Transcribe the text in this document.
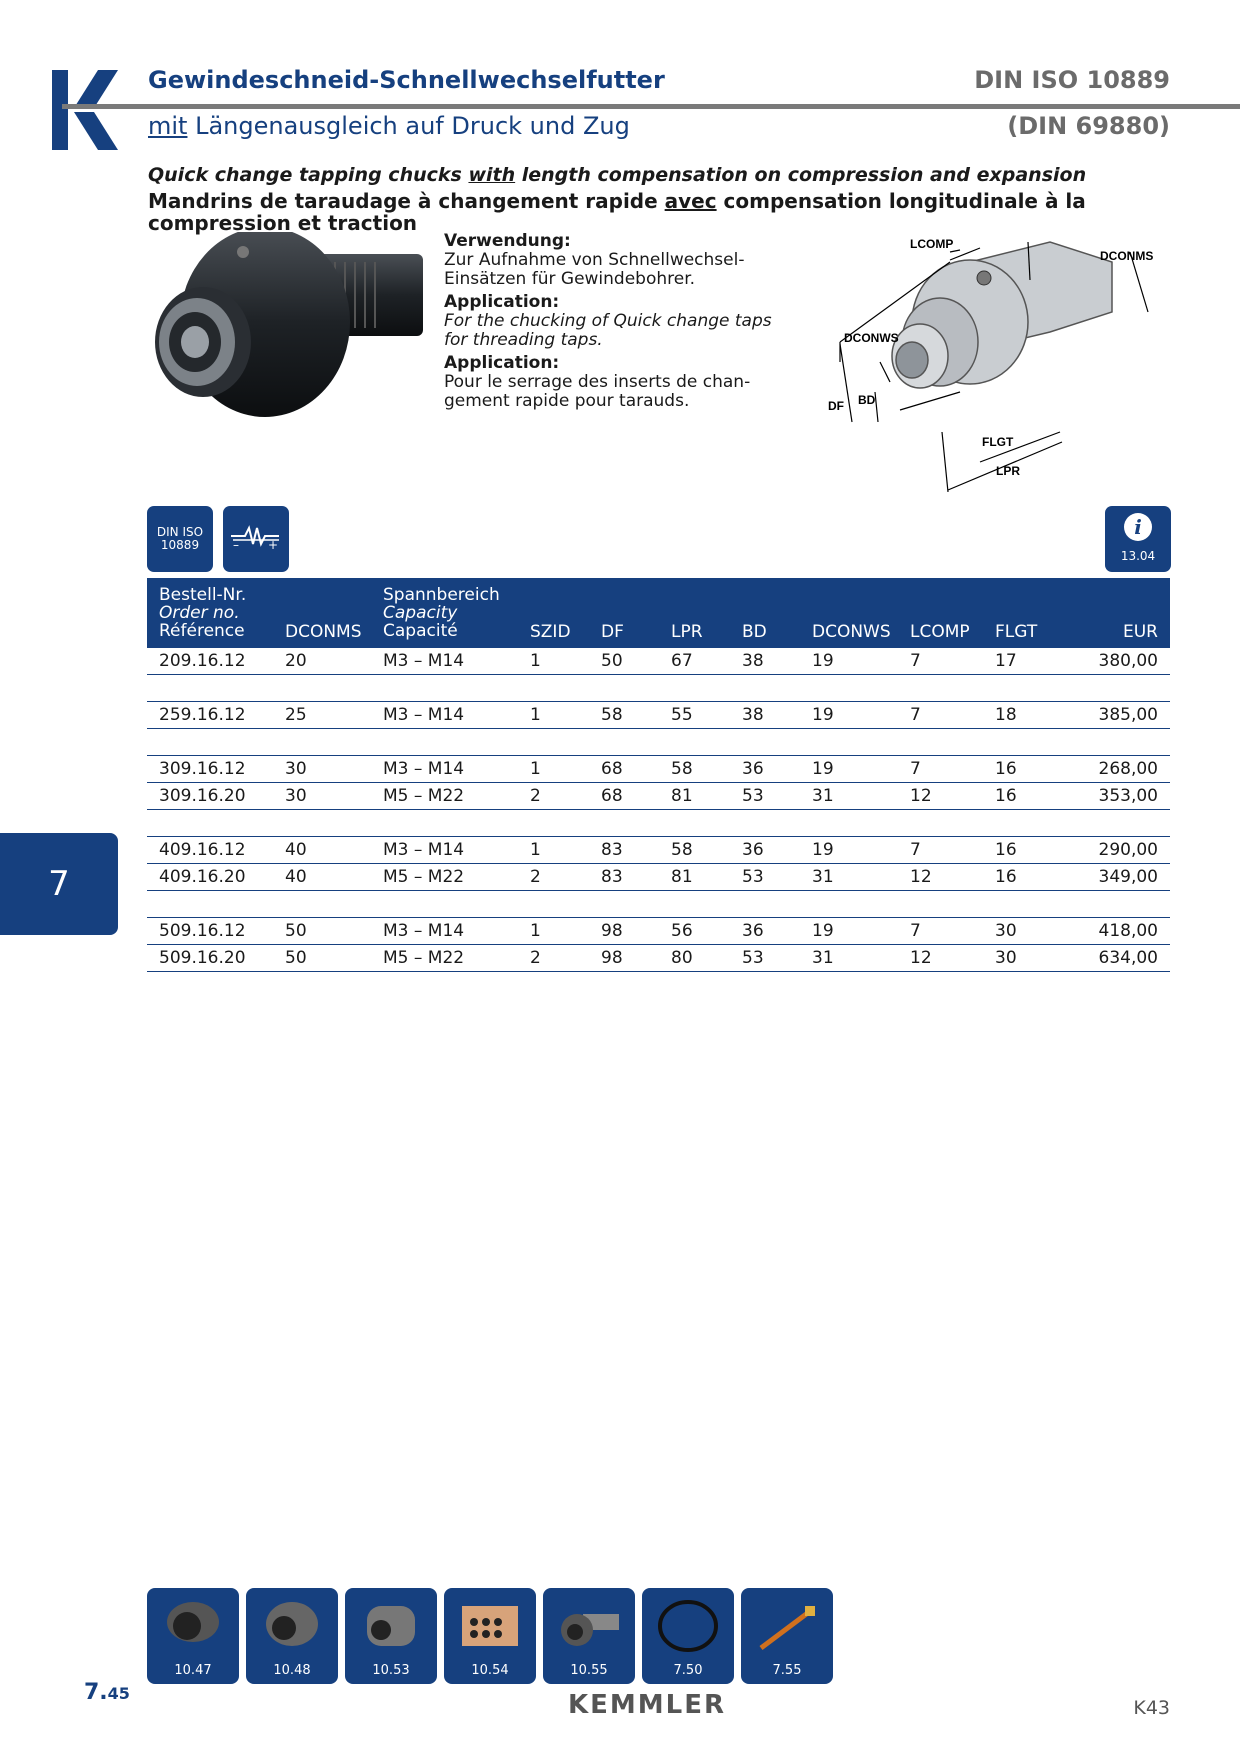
Gewindeschneid-Schnellwechselfutter
mit Längenausgleich auf Druck und Zug
DIN ISO 10889
(DIN 69880)
Quick change tapping chucks with length compensation on compression and expansion
Mandrins de taraudage à changement rapide avec compensation longitudinale à la compression et traction

Verwendung:
Zur Aufnahme von Schnellwechsel-Einsätzen für Gewindebohrer.

Application:
For the chucking of Quick change taps for threading taps.

Application:
Pour le serrage des inserts de chan-gement rapide pour tarauds.

LCOMP
DCONMS
DCONWS
DF BD
FLGT
LPR
DIN ISO
10889	– +
i
13.04
Bestell-Nr.
Order no.
Référence DCONMS
Spannbereich
Capacity
Capacité	SZID DF	LPR BD	DCONWS LCOMP FLGT	EUR
209.16.12 20	M3 – M14	1	50	67	38	19	7	17	380,00
259.16.12 25	M3 – M14	1	58	55	38	19	7	18	385,00
309.16.12 30	M3 – M14	1	68	58	36	19	7	16	268,00
309.16.20 30	M5 – M22	2	68	81	53	31	12	16	353,00
409.16.12 40	M3 – M14	1	83	58	36	19	7	16	290,00
409.16.20 40	M5 – M22	2	83	81	53	31	12	16	349,00
509.16.12 50	M3 – M14	1	98	56	36	19	7	30	418,00
509.16.20 50	M5 – M22	2	98	80	53	31	12	30	634,00
7
10.47	10.48	10.53	10.54	10.55	7.50	7.55
7.45	KEMMLER	K43
